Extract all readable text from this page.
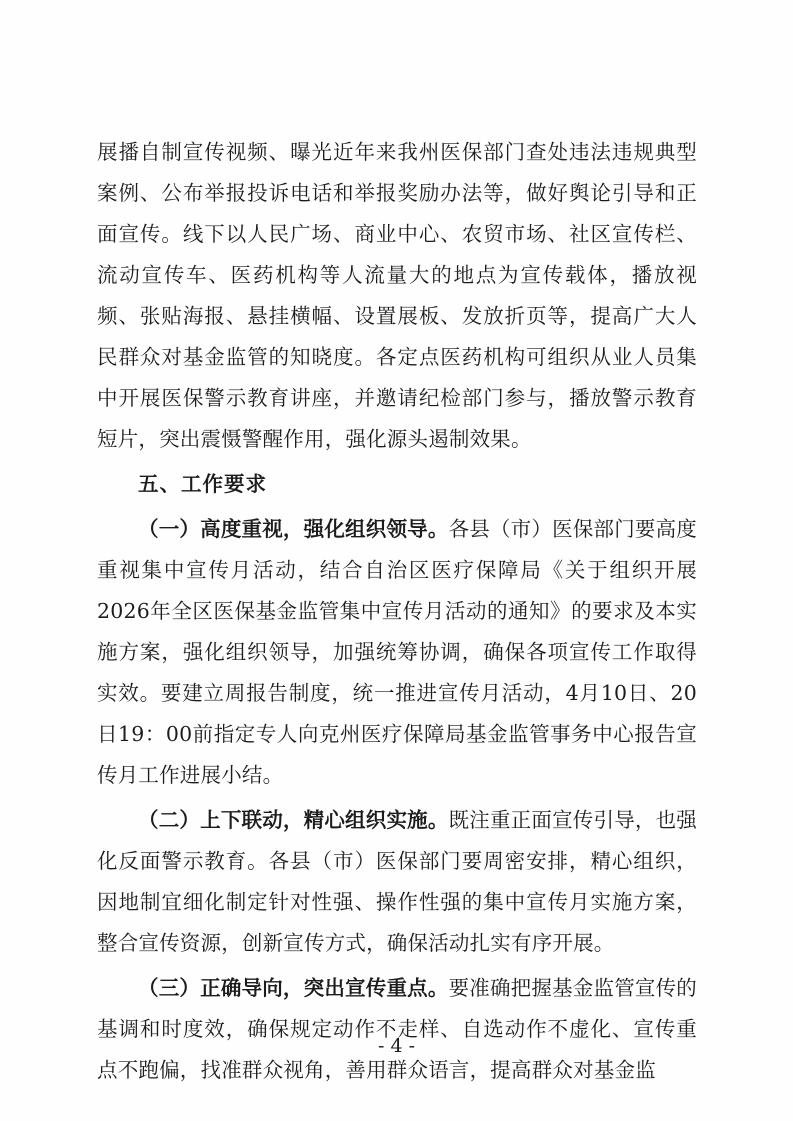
展播自制宣传视频、曝光近年来我州医保部门查处违法违规典型案例、公布举报投诉电话和举报奖励办法等，做好舆论引导和正面宣传。线下以人民广场、商业中心、农贸市场、社区宣传栏、流动宣传车、医药机构等人流量大的地点为宣传载体，播放视频、张贴海报、悬挂横幅、设置展板、发放折页等，提高广大人民群众对基金监管的知晓度。各定点医药机构可组织从业人员集中开展医保警示教育讲座，并邀请纪检部门参与，播放警示教育短片，突出震慑警醒作用，强化源头遏制效果。

五、工作要求

（一）高度重视，强化组织领导。各县（市）医保部门要高度重视集中宣传月活动，结合自治区医疗保障局《关于组织开展2026年全区医保基金监管集中宣传月活动的通知》的要求及本实施方案，强化组织领导，加强统筹协调，确保各项宣传工作取得实效。要建立周报告制度，统一推进宣传月活动，4月10日、20日19：00前指定专人向克州医疗保障局基金监管事务中心报告宣传月工作进展小结。

（二）上下联动，精心组织实施。既注重正面宣传引导，也强化反面警示教育。各县（市）医保部门要周密安排，精心组织，因地制宜细化制定针对性强、操作性强的集中宣传月实施方案，整合宣传资源，创新宣传方式，确保活动扎实有序开展。

（三）正确导向，突出宣传重点。要准确把握基金监管宣传的基调和时度效，确保规定动作不走样、自选动作不虚化、宣传重点不跑偏，找准群众视角，善用群众语言，提高群众对基金监

- 4 -
